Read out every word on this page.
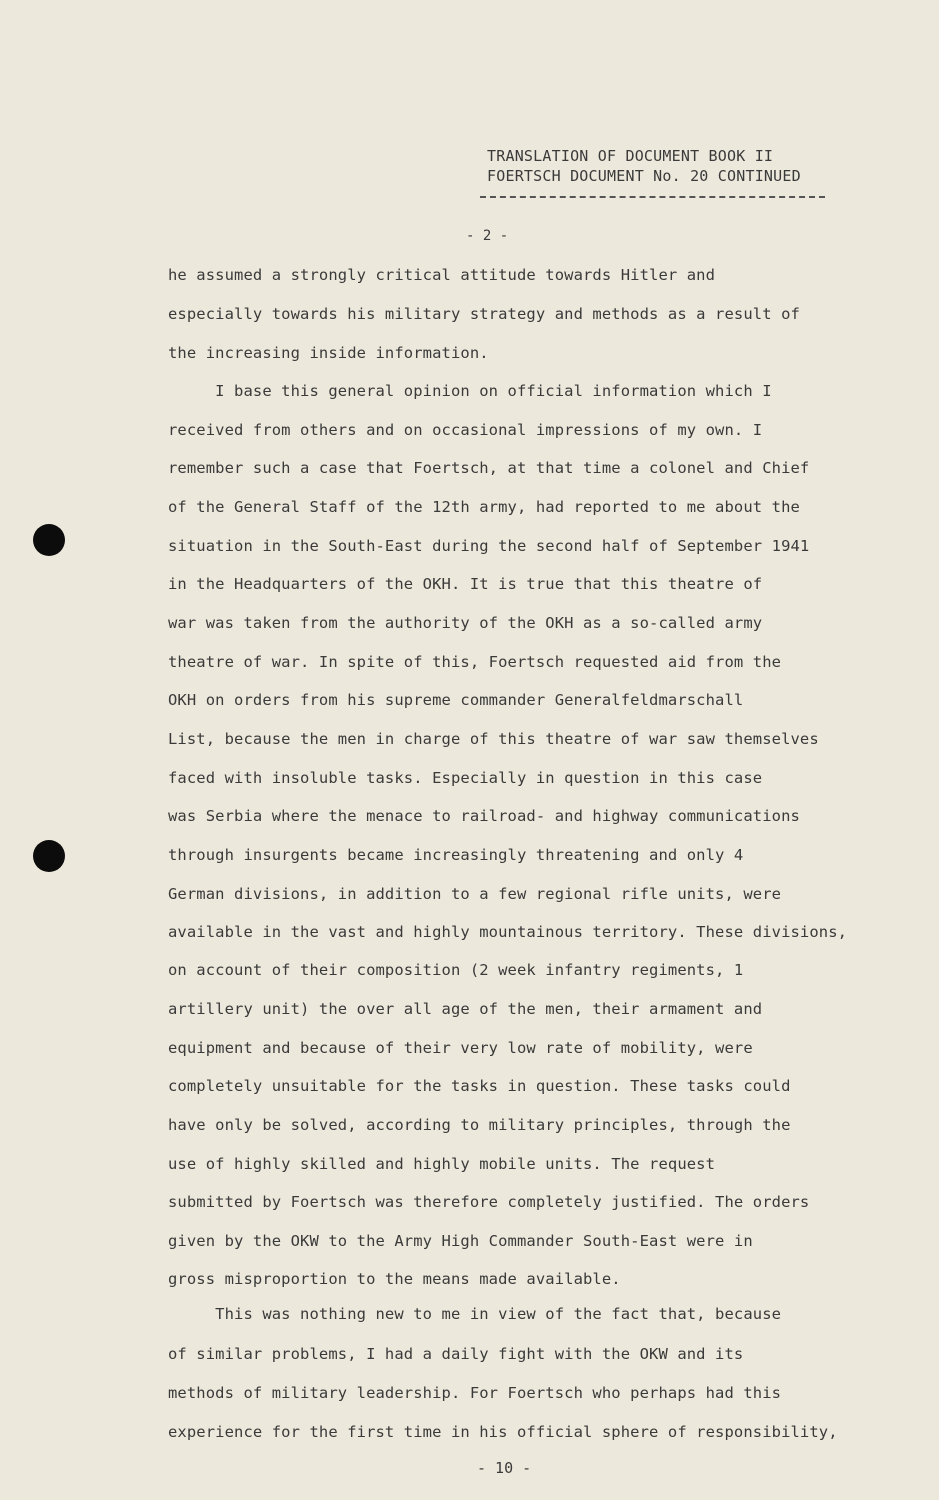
TRANSLATION OF DOCUMENT BOOK II
FOERTSCH DOCUMENT No. 20 CONTINUED
- 2 -
he assumed a strongly critical attitude towards Hitler and
especially towards his military strategy and methods as a result of
the increasing inside information.
I base this general opinion on official information which I
received from others and on occasional impressions of my own. I
remember such a case that Foertsch, at that time a colonel and Chief
of the General Staff of the 12th army, had reported to me about the
situation in the South-East during the second half of September 1941
in the Headquarters of the OKH. It is true that this theatre of
war was taken from the authority of the OKH as a so-called army
theatre of war. In spite of this, Foertsch requested aid from the
OKH on orders from his supreme commander Generalfeldmarschall
List, because the men in charge of this theatre of war saw themselves
faced with insoluble tasks. Especially in question in this case
was Serbia where the menace to railroad- and highway communications
through insurgents became increasingly threatening and only 4
German divisions, in addition to a few regional rifle units, were
available in the vast and highly mountainous territory. These divisions,
on account of their composition (2 week infantry regiments, 1
artillery unit) the over all age of the men, their armament and
equipment and because of their very low rate of mobility, were
completely unsuitable for the tasks in question. These tasks could
have only be solved, according to military principles, through the
use of highly skilled and highly mobile units. The request
submitted by Foertsch was therefore completely justified. The orders
given by the OKW to the Army High Commander South-East were in
gross misproportion to the means made available.
This was nothing new to me in view of the fact that, because
of similar problems, I had a daily fight with the OKW and its
methods of military leadership. For Foertsch who perhaps had this
experience for the first time in his official sphere of responsibility,
- 10 -
